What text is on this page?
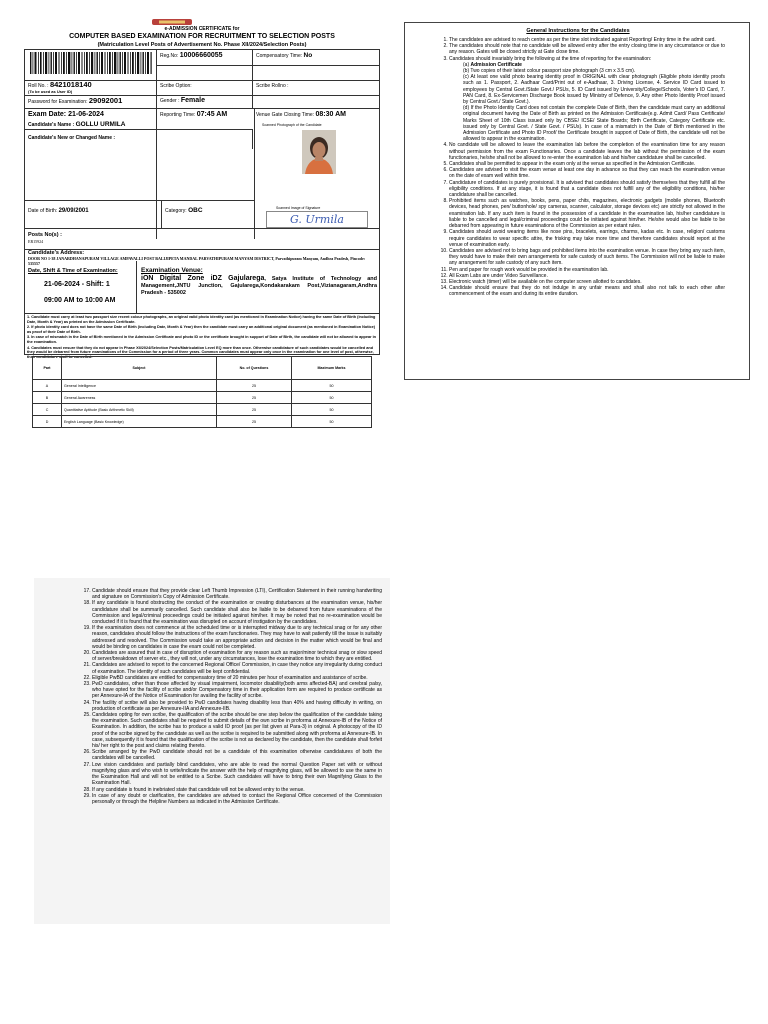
e-ADMISSION CERTIFICATE for
COMPUTER BASED EXAMINATION FOR RECRUITMENT TO SELECTION POSTS
(Matriculation Level Posts of Advertisement No. Phase XII/2024/Selection Posts)
Reg.No: 10006660055	Compensatory Time: No
Roll No. : 8421018140
(To be used as User ID)
Scribe Option:	Scribe Rollno :
Password for Examination: 29092001	Gender : Female
Exam Date: 21-06-2024	Reporting Time: 07:45 AM	Venue Gate Closing Time: 08:30 AM
Candidate's Name : GOLLU URMILA
Candidate's New or Changed Name :
Scanned Photograph of the Candidate
Date of Birth: 29/09/2001	Category: OBC	Scanned Image of Signature
G. Urmila
Posts No(s) :
ER15924
Candidate's Address:
DOOR NO 1-38 JANARDHANAPURAM VILLAGE AMPAVALLI POST BALIJIPETA MANDAL PARVATHIPURAM MANYAM DISTRICT, Parvathipuram Manyam, Andhra Pradesh, Pincode: 535557
Date, Shift & Time of Examination:
21-06-2024 - Shift: 1
09:00 AM to 10:00 AM
Examination Venue:
iON Digital Zone iDZ Gajularega, Satya Institute of Technology and Management,JNTU Junction, Gajularega,Kondakarakam Post,Vizianagaram,Andhra Pradesh - 535002
1. Candidate must carry at least two passport size recent colour photographs, an original valid photo identity card (as mentioned in Examination Notice) having the same Date of Birth (including Date, Month & Year) as printed on the Admission Certificate.
2. If photo identity card does not have the same Date of Birth (including Date, Month & Year) then the candidate must carry an additional original document (as mentioned in Examination Notice) as proof of their Date of Birth.
3. In case of mismatch in the Date of Birth mentioned in the Admission Certificate and photo ID or the certificate brought in support of Date of Birth, the candidate will not be allowed to appear in the examination.
4. Candidates must ensure that they do not appear in Phase XII/2024/Selection Posts/Matriculation Level EQ more than once. Otherwise candidature of such candidates would be cancelled and they would be debarred from future examinations of the Commission for a period of three years. Common candidates must appear only once in the examination for one level of post, otherwise, their candidature shall be cancelled.
Part	Subject	No. of Questions	Maximum Marks
A	General Intelligence	25	50
B	General Awareness	25	50
C	Quantitative Aptitude (Basic Arithmetic Skill)	25	50
D	English Language (Basic Knowledge)	25	50
General Instructions for the Candidates
1. The candidates are advised to reach centre as per the time slot indicated against Reporting/ Entry time in the admit card.
2. The candidates should note that no candidate will be allowed entry after the entry closing time in any circumstance or due to any reason. Gates will be closed strictly at Gate close time.
3. Candidates should invariably bring the following at the time of reporting for the examination:
(a) Admission Certificate
(b) Two copies of their latest colour passport size photograph (3 cm x 3.5 cm).
(c) At least one valid photo bearing identity proof in ORIGINAL with clear photograph (Eligible photo identity proofs such as 1. Passport, 2. Aadhaar Card/Print out of e-Aadhaar, 3. Driving License, 4. Service ID Card issued to employees by Central Govt./State Govt./ PSUs, 5. ID Card issued by University/College/Schools, Voter's ID Card, 7. PAN Card, 8. Ex-Servicemen Discharge Book issued by Ministry of Defence, 9. Any other Photo Identity Proof issued by Central Govt./ State Govt.).
(d) If the Photo Identity Card does not contain the complete Date of Birth, then the candidate must carry an additional original document having the Date of Birth as printed on the Admission Certificate(e.g. Admit Card/ Pass Certificate/ Marks Sheet of 10th Class issued only by CBSE/ ICSE/ State Boards; Birth Certificate, Category Certificate etc. issued only by Central Govt. / State Govt. / PSUs). In case of a mismatch in the Date of Birth mentioned in the Admission Certificate and Photo ID Proof/ the Certificate brought in support of Date of Birth, the candidate will not be allowed to appear in the examination.
4. No candidate will be allowed to leave the examination lab before the completion of the examination time for any reason without permission from the exam Functionaries. Once a candidate leaves the lab without the permission of the exam functionaries, he/she shall not be allowed to re-enter the examination lab and his/her candidature shall be cancelled.
5. Candidates shall be permitted to appear in the exam only at the venue as specified in the Admission Certificate.
6. Candidates are advised to visit the exam venue at least one day in advance so that they can reach the examination venue on the date of exam well within time.
7. Candidature of candidates is purely provisional. It is advised that candidates should satisfy themselves that they fulfill all the eligibility conditions. If at any stage, it is found that a candidate does not fulfill any of the eligibility conditions, his/her candidature shall be cancelled.
8. Prohibited items such as watches, books, pens, paper chits, magazines, electronic gadgets (mobile phones, Bluetooth devices, head phones, pen/ buttonhole/ spy cameras, scanner, calculator, storage devices etc) are strictly not allowed in the examination lab. If any such item is found in the possession of a candidate in the examination lab, his/her candidature is liable to be cancelled and legal/criminal proceedings could be initiated against him/her. He/she would also be liable to be debarred from appearing in future examinations of the Commission as per extant rules.
9. Candidates should avoid wearing items like nose pins, bracelets, earrings, charms, kadas etc. In case, religion/ customs require candidates to wear specific attire, the frisking may take more time and therefore candidates should report at the venue of examination early.
10. Candidates are advised not to bring bags and prohibited items into the examination venue. In case they bring any such item, they would have to make their own arrangements for safe custody of such items. The Commission will not be liable to make any arrangement for safe custody of any such item.
11. Pen and paper for rough work would be provided in the examination lab.
12. All Exam Labs are under Video Surveillance.
13. Electronic watch (timer) will be available on the computer screen allotted to candidates.
14. Candidate should ensure that they do not indulge in any unfair means and shall also not talk to each other after commencement of the exam and during its entire duration.
17. Candidate should ensure that they provide clear Left Thumb Impression (LTI), Certification Statement in their running handwriting and signature on Commission's Copy of Admission Certificate.
18. If any candidate is found obstructing the conduct of the examination or creating disturbances at the examination venue, his/her candidature shall be summarily cancelled. Such candidate shall also be liable to be debarred from future examinations of the Commission and legal/criminal proceedings could be initiated against him/her. It may be noted that no re-examination would be conducted if it is found that the examination was disrupted on account of instigation by the candidates.
19. If the examination does not commence at the scheduled time or is interrupted midway due to any technical snag or for any other reason, candidates should follow the instructions of the exam functionaries. They may have to wait patiently till the issue is suitably addressed and resolved. The Commission would take an appropriate action and decision in the matter which would be final and would be binding on candidates in case the exam could not be completed.
20. Candidates are assured that in case of disruption of examination for any reason such as major/minor technical snag or slow speed of server/breakdown of server etc., they will not, under any circumstances, lose the examination time to which they are entitled.
21. Candidates are advised to report to the concerned Regional Office/ Commission, in case they notice any irregularity during conduct of examination. The identity of such candidates will be kept confidential.
22. Eligible PwBD candidates are entitled for compensatory time of 20 minutes per hour of examination and assistance of scribe.
23. PwD candidates, other than those affected by visual impairment, locomotor disability(both arms affected-BA) and cerebral palsy, who have opted for the facility of scribe and/or Compensatory time in their application form are required to produce certificate as per Annexure-IA of the Notice of Examination for availing the facility of scribe.
24. The facility of scribe will also be provided to PwD candidates having disability less than 40% and having difficulty in writing, on production of certificate as per Annexure-IIA and Annexure-IIB.
25. Candidates opting for own scribe, the qualification of the scribe should be one step below the qualification of the candidate taking the examination. Such candidates shall be required to submit details of the own scribe in proforma at Annexure-IB of the Notice of Examination. In addition, the scribe has to produce a valid ID proof (as per list given at Para-3) in original. A photocopy of the ID proof of the scribe signed by the candidate as well as the scribe is required to be submitted along with proforma at Annexure-IB. In case, subsequently it is found that the qualification of the scribe is not as declared by the candidate, then the candidate shall forfeit his/ her right to the post and claims relating thereto.
26. Scribe arranged by the PwD candidate should not be a candidate of this examination otherwise candidatures of both the candidates will be cancelled.
27. Low vision candidates and partially blind candidates, who are able to read the normal Question Paper set with or without magnifying glass and who wish to write/indicate the answer with the help of magnifying glass, will be allowed to use the same in the Examination Hall and will not be entitled to a Scribe. Such candidates will have to bring their own Magnifying Glass to the Examination Hall.
28. If any candidate is found in inebriated state that candidate will not be allowed entry to the venue.
29. In case of any doubt or clarification, the candidates are advised to contact the Regional Office concerned of the Commission personally or through the Helpline Numbers as indicated in the Admission Certificate.
